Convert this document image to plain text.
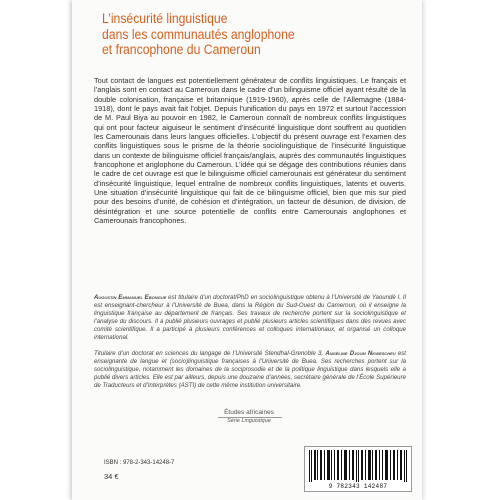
L’insécurité linguistique
dans les communautés anglophone
et francophone du Cameroun
Tout contact de langues est potentiellement générateur de conflits linguistiques. Le français et l’anglais sont en contact au Cameroun dans le cadre d’un bilinguisme officiel ayant résulté de la double colonisation, française et britannique (1919-1960), après celle de l’Allemagne (1884-1918), dont le pays avait fait l’objet. Depuis l’unification du pays en 1972 et surtout l’accession de M. Paul Biya au pouvoir en 1982, le Cameroun connaît de nombreux conflits linguistiques qui ont pour facteur aiguiseur le sentiment d’insécurité linguistique dont souffrent au quotidien les Camerounais dans leurs langues officielles. L’objectif du présent ouvrage est l’examen des conflits linguistiques sous le prisme de la théorie sociolinguistique de l’insécurité linguistique dans un contexte de bilinguisme officiel français/anglais, auprès des communautés linguistiques francophone et anglophone du Cameroun. L’idée qui se dégage des contributions réunies dans le cadre de cet ouvrage est que le bilinguisme officiel camerounais est générateur du sentiment d’insécurité linguistique, lequel entraîne de nombreux conflits linguistiques, latents et ouverts. Une situation d’insécurité linguistique qui fait de ce bilinguisme officiel, bien que mis sur pied pour des besoins d’unité, de cohésion et d’intégration, un facteur de désunion, de division, de désintégration et une source potentielle de conflits entre Camerounais anglophones et Camerounais francophones.
Augustin Emmanuel Ebongue est titulaire d’un doctorat/PhD en sociolinguistique obtenu à l’Université de Yaoundé I. Il est enseignant-chercheur à l’Université de Buea, dans la Région du Sud-Ouest du Cameroun, où il enseigne la linguistique française au département de français. Ses travaux de recherche portent sur la sociolinguistique et l’analyse du discours. Il a publié plusieurs ouvrages et publié plusieurs articles scientifiques dans des revues avec comité scientifique. Il a participé à plusieurs conférences et colloques internationaux, et organisé un colloque international.
Titulaire d’un doctorat en sciences du langage de l’Université Stendhal-Grenoble 3, Angéline Djoum Nkwescheu est enseignante de langue et (socio)linguistique françaises à l’Université de Buea. Ses recherches portent sur la sociolinguistique, notamment les domaines de la sociprosodie et de la politique linguistique dans lesquels elle a publié divers articles. Elle est par ailleurs, depuis une douzaine d’années, secrétaire générale de l’École Supérieure de Traducteurs et d’Interprètes (ASTI) de cette même institution universitaire.
Études africaines
Série Linguistique
ISBN : 978-2-343-14248-7
34 €
9 782343 142487
